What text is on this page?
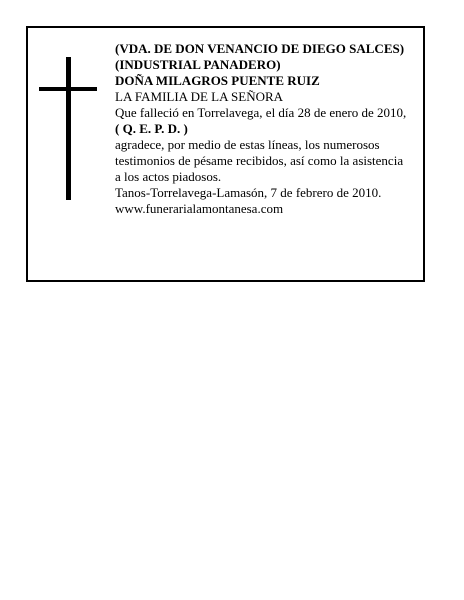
(VDA. DE DON VENANCIO DE DIEGO SALCES)
(INDUSTRIAL PANADERO)
DOÑA MILAGROS PUENTE RUIZ
LA FAMILIA DE LA SEÑORA
Que falleció en Torrelavega, el día 28 de enero de 2010,
( Q. E. P. D. )
agradece, por medio de estas líneas, los numerosos
testimonios de pésame recibidos, así como la asistencia
a los actos piadosos.
Tanos-Torrelavega-Lamasón, 7 de febrero de 2010.
www.funerarialamontanesa.com
